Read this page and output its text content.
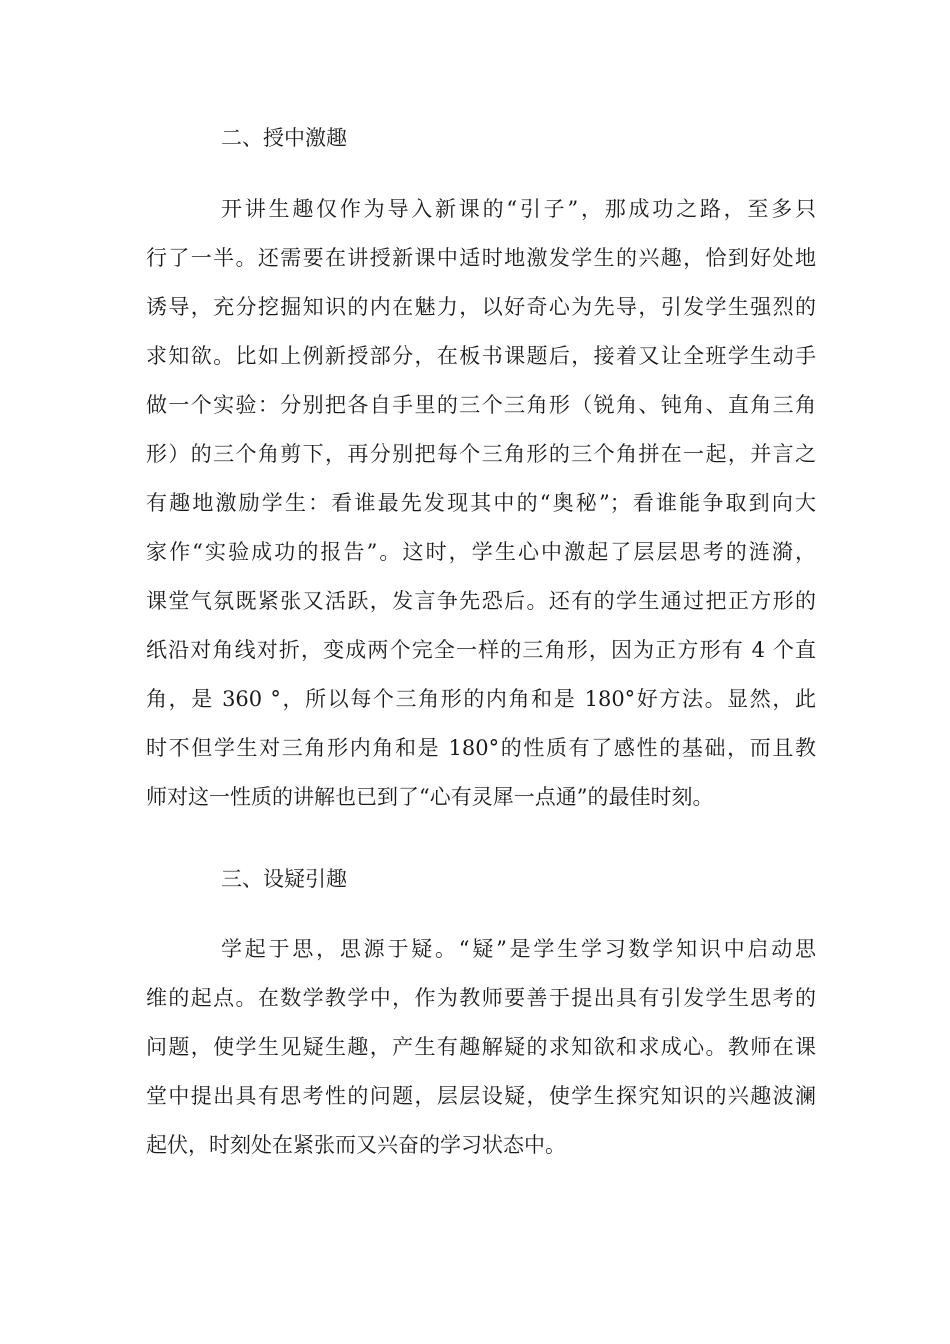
二、授中激趣
开讲生趣仅作为导入新课的“引子”，那成功之路，至多只
行了一半。还需要在讲授新课中适时地激发学生的兴趣，恰到好处地
诱导，充分挖掘知识的内在魅力，以好奇心为先导，引发学生强烈的
求知欲。比如上例新授部分，在板书课题后，接着又让全班学生动手
做一个实验：分别把各自手里的三个三角形（锐角、钝角、直角三角
形）的三个角剪下，再分别把每个三角形的三个角拼在一起，并言之
有趣地激励学生：看谁最先发现其中的“奥秘”；看谁能争取到向大
家作“实验成功的报告”。这时，学生心中激起了层层思考的涟漪，
课堂气氛既紧张又活跃，发言争先恐后。还有的学生通过把正方形的
纸沿对角线对折，变成两个完全一样的三角形，因为正方形有 4 个直
角，是 360 °，所以每个三角形的内角和是 180°好方法。显然，此
时不但学生对三角形内角和是 180°的性质有了感性的基础，而且教
师对这一性质的讲解也已到了“心有灵犀一点通”的最佳时刻。
三、设疑引趣
学起于思，思源于疑。“疑”是学生学习数学知识中启动思
维的起点。在数学教学中，作为教师要善于提出具有引发学生思考的
问题，使学生见疑生趣，产生有趣解疑的求知欲和求成心。教师在课
堂中提出具有思考性的问题，层层设疑，使学生探究知识的兴趣波澜
起伏，时刻处在紧张而又兴奋的学习状态中。
